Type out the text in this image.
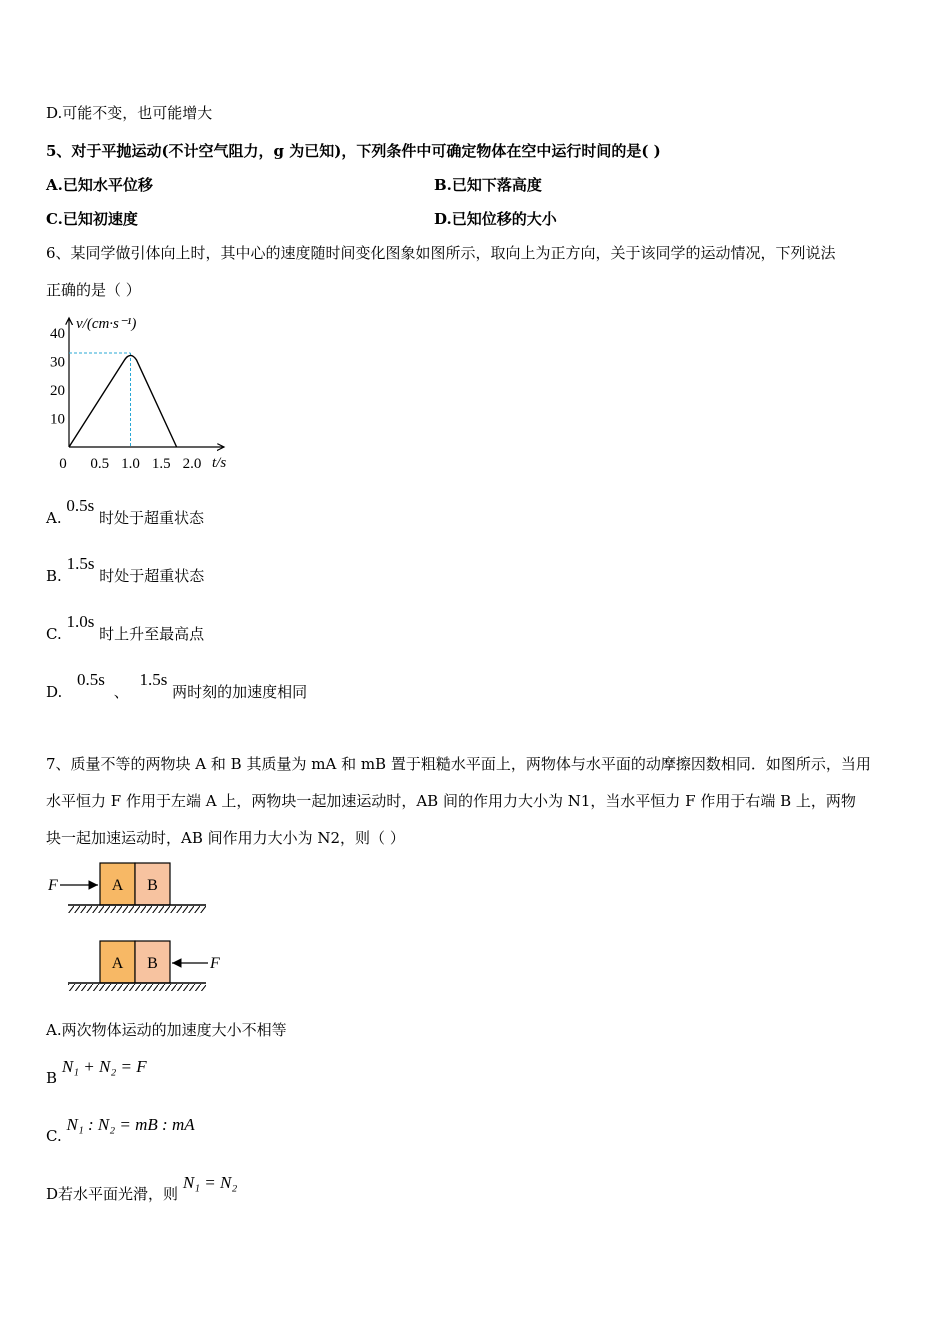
D.可能不变，也可能增大
5、对于平抛运动(不计空气阻力，g 为已知)，下列条件中可确定物体在空中运行时间的是( )
A.已知水平位移	B.已知下落高度
C.已知初速度	D.已知位移的大小
6、某同学做引体向上时，其中心的速度随时间变化图象如图所示，取向上为正方向，关于该同学的运动情况，下列说法
正确的是（ ）
v/(cm·s⁻¹)
t/s
10
20
30
40
0 0.5 1.0 1.5 2.0
A. 0.5s 时处于超重状态
B. 1.5s 时处于超重状态
C. 1.0s 时上升至最高点
D. 0.5s 、 1.5s 两时刻的加速度相同
7、质量不等的两物块 A 和 B 其质量为 mA 和 mB 置于粗糙水平面上，两物体与水平面的动摩擦因数相同．如图所示，当用
水平恒力 F 作用于左端 A 上，两物块一起加速运动时，AB 间的作用力大小为 N1，当水平恒力 F 作用于右端 B 上，两物
块一起加速运动时，AB 间作用力大小为 N2，则（ ）
F	A B
A B	F
A.两次物体运动的加速度大小不相等
B N₁ + N₂ = F
C. N₁ : N₂ = mB : mA
D若水平面光滑，则 N₁ = N₂
